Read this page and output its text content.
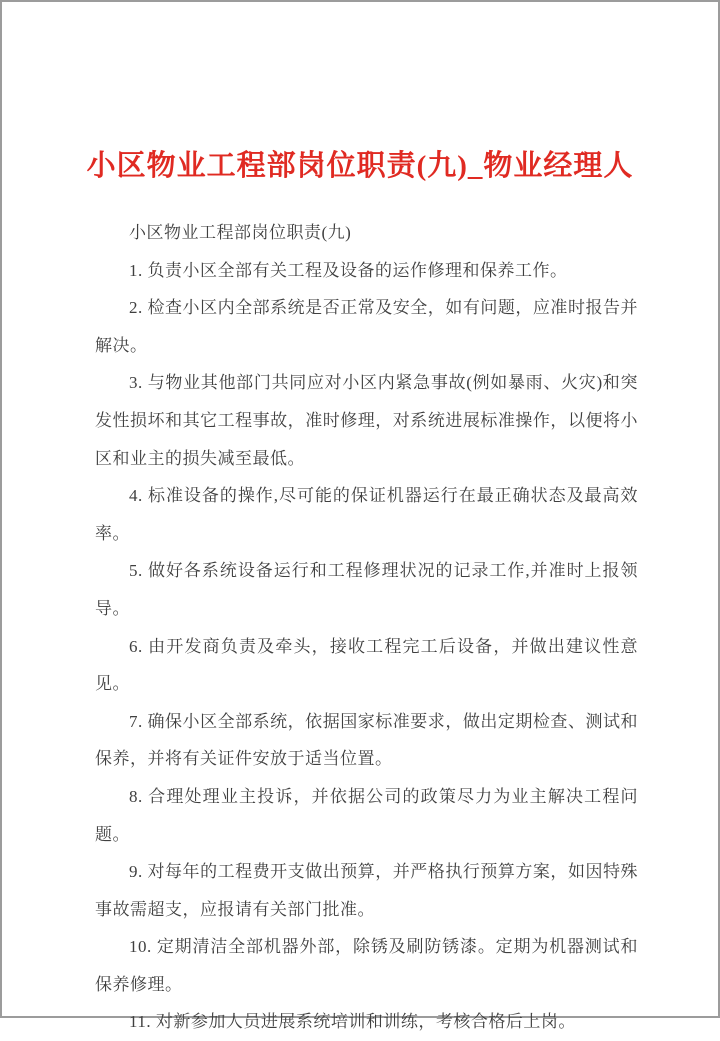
小区物业工程部岗位职责(九)_物业经理人

小区物业工程部岗位职责(九)

1. 负责小区全部有关工程及设备的运作修理和保养工作。

2. 检查小区内全部系统是否正常及安全，如有问题，应准时报告并解决。

3. 与物业其他部门共同应对小区内紧急事故(例如暴雨、火灾)和突发性损坏和其它工程事故，准时修理，对系统进展标准操作，以便将小区和业主的损失减至最低。

4. 标准设备的操作,尽可能的保证机器运行在最正确状态及最高效率。

5. 做好各系统设备运行和工程修理状况的记录工作,并准时上报领导。

6. 由开发商负责及牵头，接收工程完工后设备，并做出建议性意见。

7. 确保小区全部系统，依据国家标准要求，做出定期检查、测试和保养，并将有关证件安放于适当位置。

8. 合理处理业主投诉，并依据公司的政策尽力为业主解决工程问题。

9. 对每年的工程费开支做出预算，并严格执行预算方案，如因特殊事故需超支，应报请有关部门批准。

10. 定期清洁全部机器外部，除锈及刷防锈漆。定期为机器测试和保养修理。

11. 对新参加人员进展系统培训和训练，考核合格后上岗。
